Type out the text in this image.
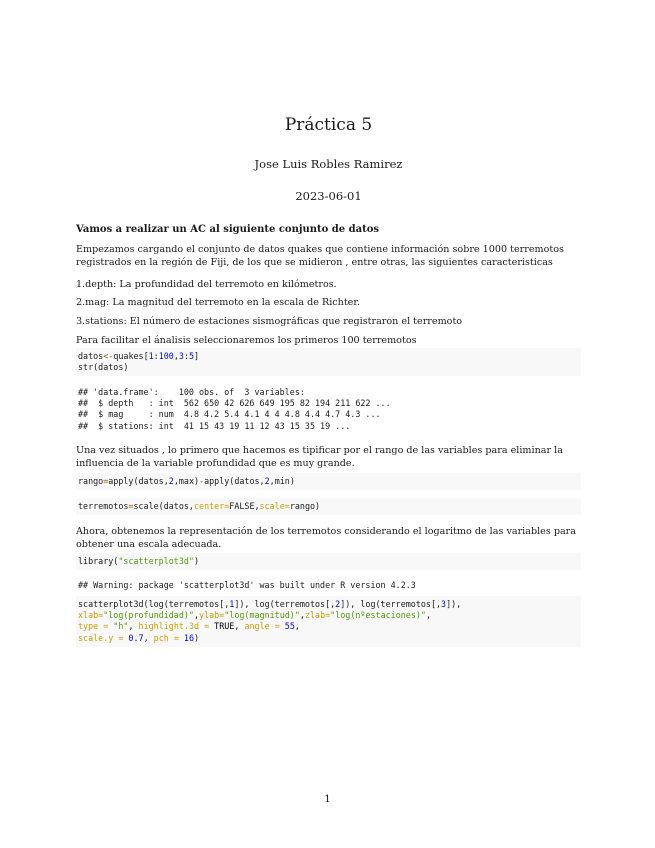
Práctica 5
Jose Luis Robles Ramirez
2023-06-01
Vamos a realizar un AC al siguiente conjunto de datos
Empezamos cargando el conjunto de datos quakes que contiene información sobre 1000 terremotos registrados en la región de Fiji, de los que se midieron , entre otras, las siguientes caracteristicas
1.depth: La profundidad del terremoto en kilómetros.
2.mag: La magnitud del terremoto en la escala de Richter.
3.stations: El número de estaciones sismográficas que registraron el terremoto
Para facilitar el ánalisis seleccionaremos los primeros 100 terremotos
datos<-quakes[1:100,3:5]
str(datos)
## 'data.frame':    100 obs. of  3 variables:
##  $ depth   : int  562 650 42 626 649 195 82 194 211 622 ...
##  $ mag     : num  4.8 4.2 5.4 4.1 4 4 4.8 4.4 4.7 4.3 ...
##  $ stations: int  41 15 43 19 11 12 43 15 35 19 ...
Una vez situados , lo primero que hacemos es tipificar por el rango de las variables para eliminar la influencia de la variable profundidad que es muy grande.
rango=apply(datos,2,max)-apply(datos,2,min)
terremotos=scale(datos,center=FALSE,scale=rango)
Ahora, obtenemos la representación de los terremotos considerando el logaritmo de las variables para obtener una escala adecuada.
library("scatterplot3d")
## Warning: package 'scatterplot3d' was built under R version 4.2.3
scatterplot3d(log(terremotos[,1]), log(terremotos[,2]), log(terremotos[,3]),
xlab="log(profundidad)",ylab="log(magnitud)",zlab="log(nºestaciones)",
type = "h", highlight.3d = TRUE, angle = 55,
scale.y = 0.7, pch = 16)
1
